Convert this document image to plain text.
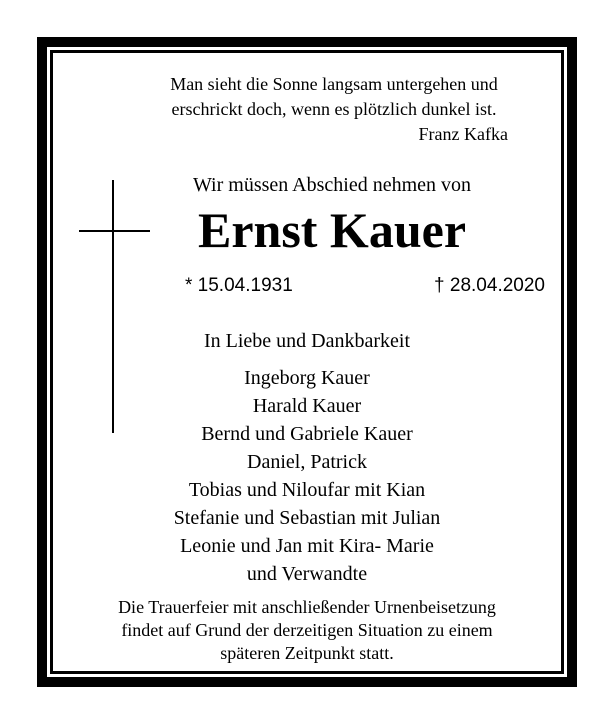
Man sieht die Sonne langsam untergehen und
erschrickt doch, wenn es plötzlich dunkel ist.
Franz Kafka
Wir müssen Abschied nehmen von
Ernst Kauer
* 15.04.1931	† 28.04.2020
In Liebe und Dankbarkeit
Ingeborg Kauer
Harald Kauer
Bernd und Gabriele Kauer
Daniel, Patrick
Tobias und Niloufar mit Kian
Stefanie und Sebastian mit Julian
Leonie und Jan mit Kira- Marie
und Verwandte
Die Trauerfeier mit anschließender Urnenbeisetzung
findet auf Grund der derzeitigen Situation zu einem
späteren Zeitpunkt statt.
